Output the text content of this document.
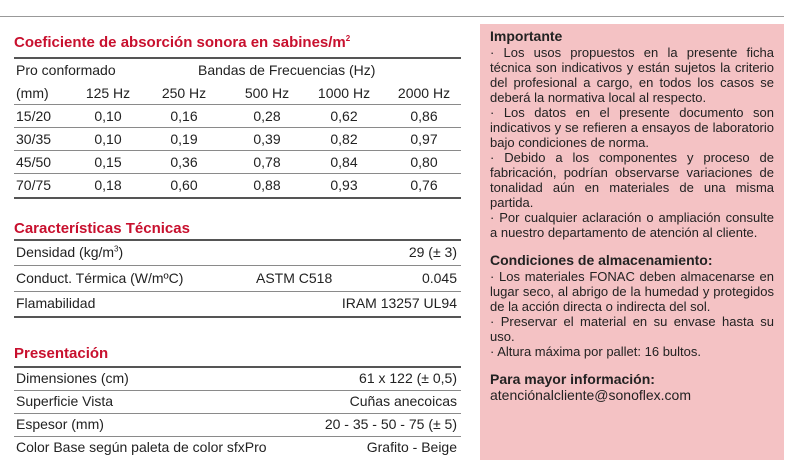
Coeficiente de absorción sonora en sabines/$m^2$
Pro conformado	Bandas de Frecuencias (Hz)
(mm)	125 Hz	250 Hz	500 Hz	1000 Hz 2000 Hz
15/20	0,10	0,16	0,28	0,62	0,86
30/35	0,10	0,19	0,39	0,82	0,97
45/50	0,15	0,36	0,78	0,84	0,80
70/75	0,18	0,60	0,88	0,93	0,76
Características Técnicas
Densidad $(kg/m^3)$	29 (± 3)
Conduct. Térmica (W/mºC)	ASTM C518	0.045
Flamabilidad	IRAM 13257 UL94
Presentación
Dimensiones (cm)	61 x 122 (± 0,5)
Superficie Vista	Cuñas anecoicas
Espesor (mm)	20 - 35 - 50 - 75 (± 5)
Color Base según paleta de color sfxPro	Grafito - Beige
Importante

· Los usos propuestos en la presente ficha técnica son indicativos y están sujetos la criterio del profesional a cargo, en todos los casos se deberá la normativa local al respecto.

· Los datos en el presente documento son indicativos y se refieren a ensayos de laboratorio bajo condiciones de norma.

· Debido a los componentes y proceso de fabricación, podrían observarse variaciones de tonalidad aún en materiales de una misma partida.

· Por cualquier aclaración o ampliación consulte a nuestro departamento de atención al cliente.

Condiciones de almacenamiento:

· Los materiales FONAC deben almacenarse en lugar seco, al abrigo de la humedad y protegidos de la acción directa o indirecta del sol.

· Preservar el material en su envase hasta su uso.

· Altura máxima por pallet: 16 bultos.

Para mayor información:

atenciónalcliente@sonoflex.com
